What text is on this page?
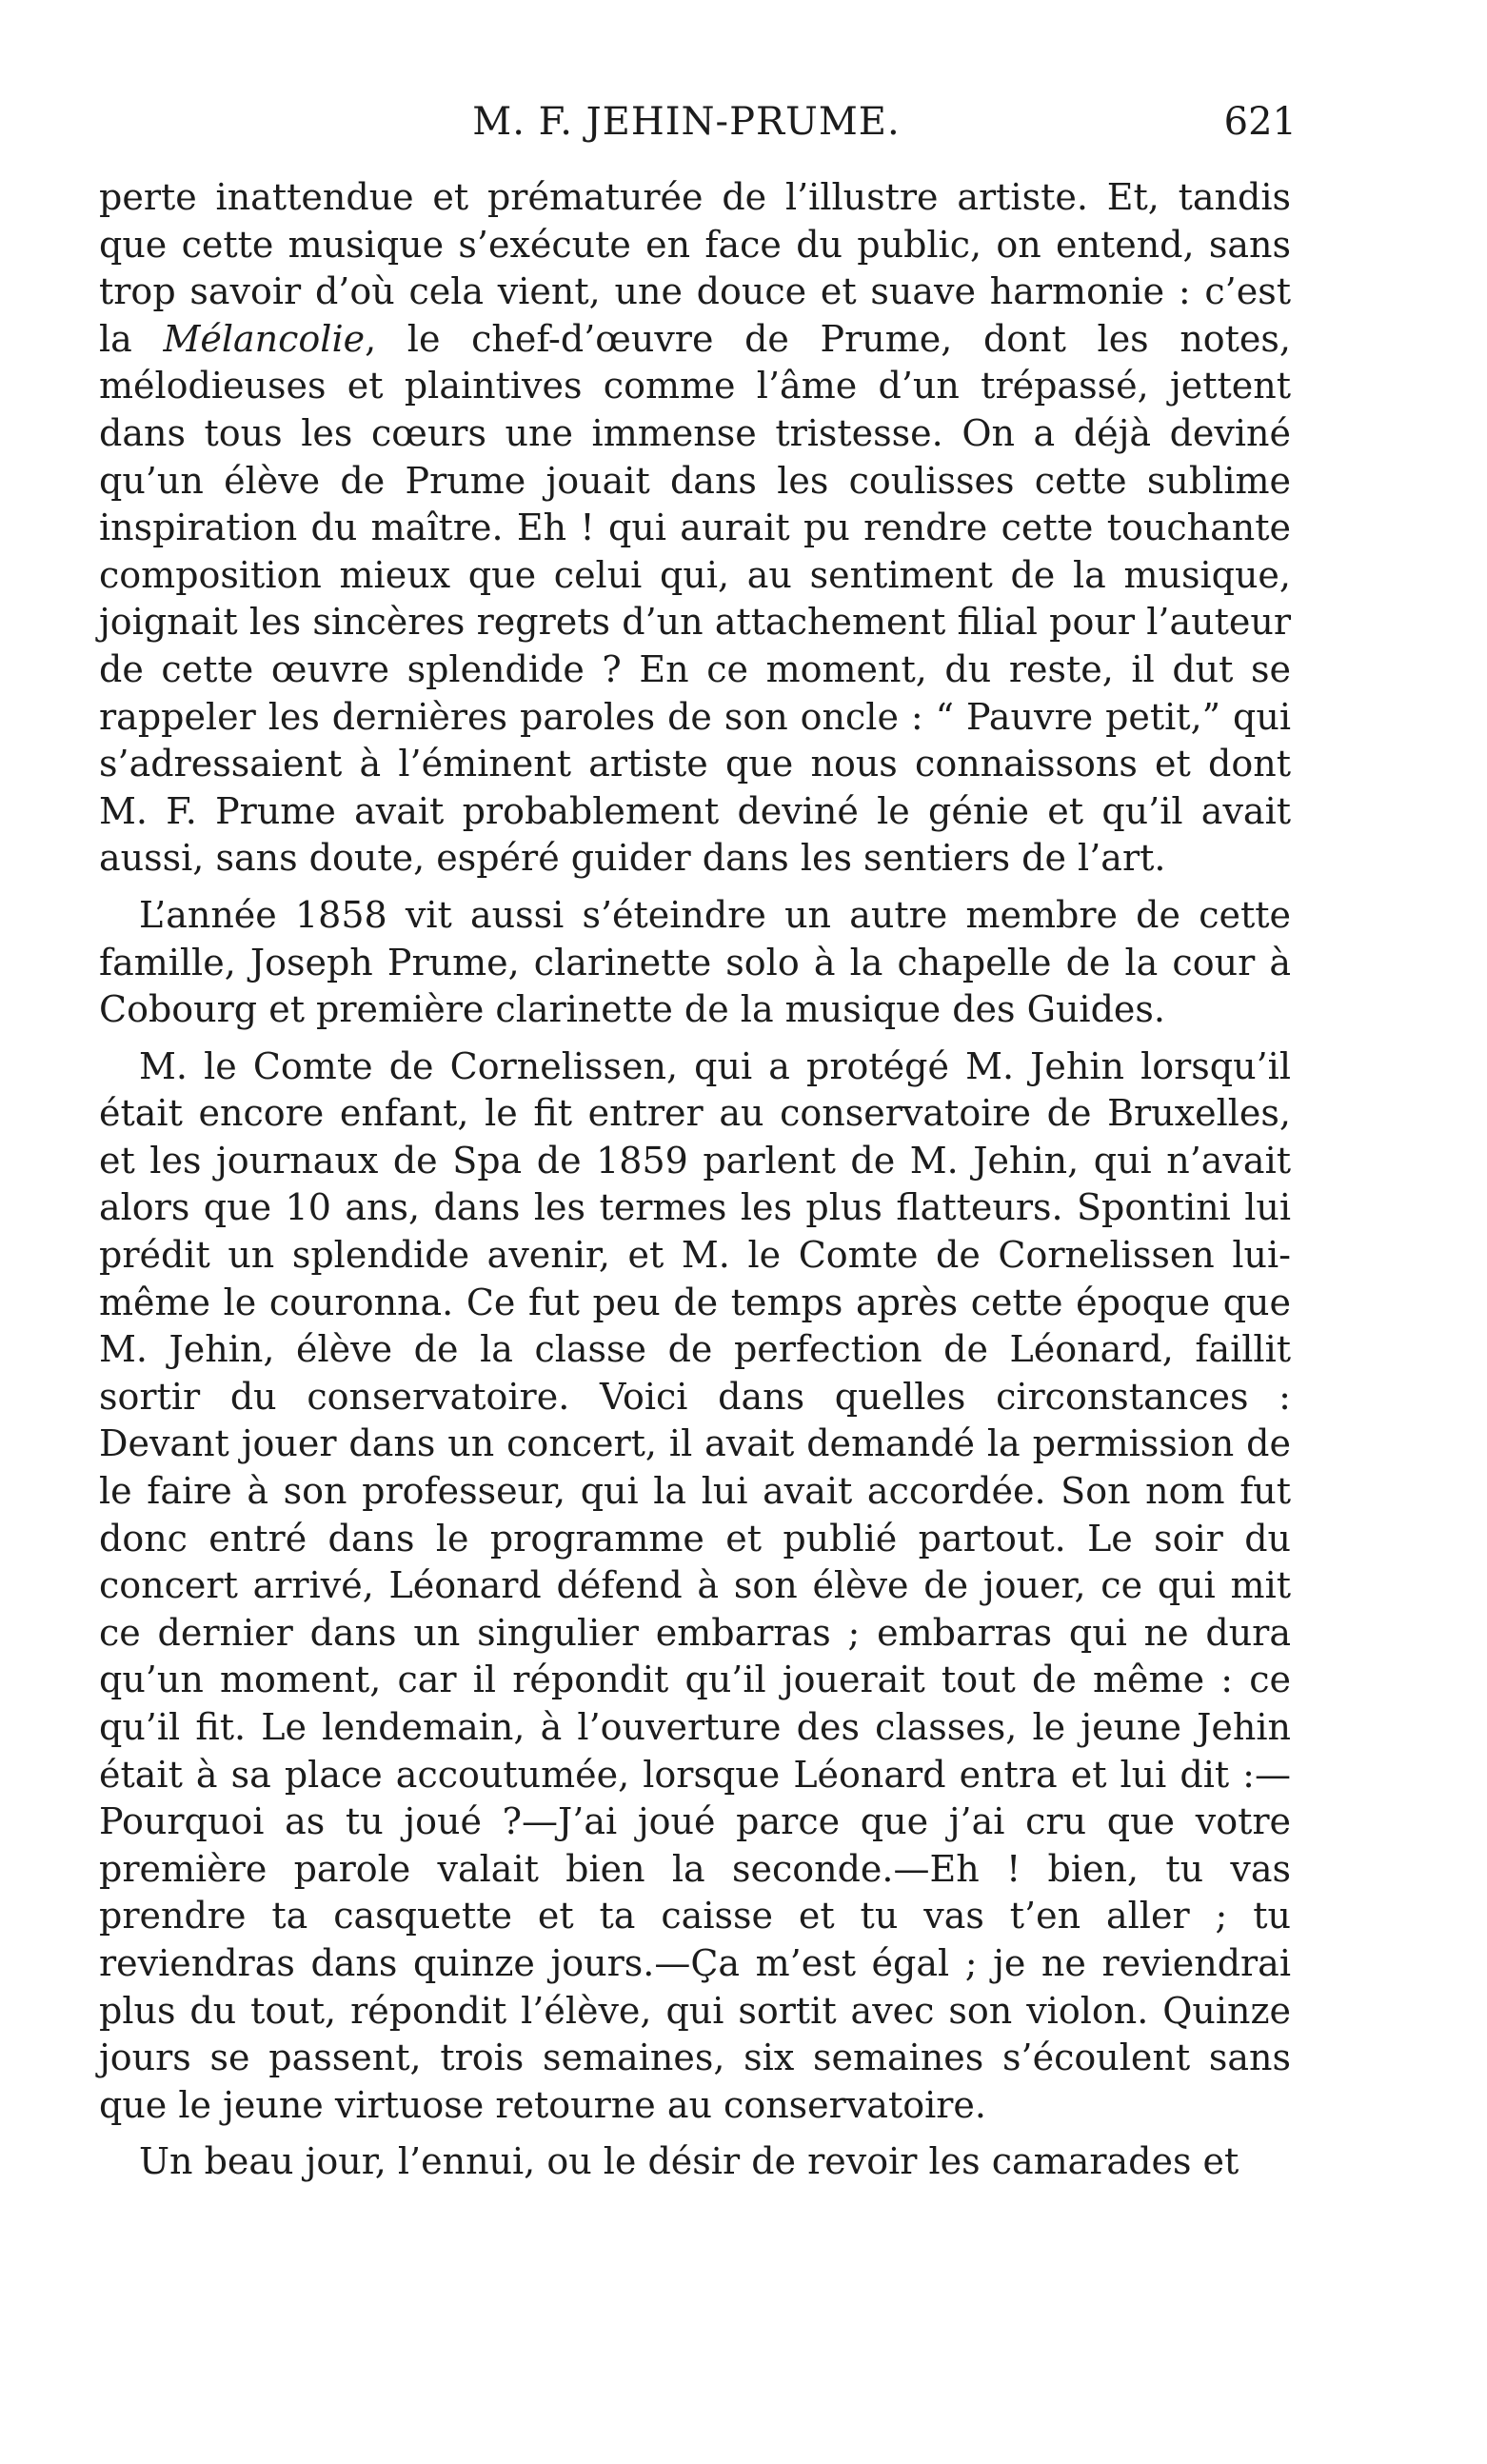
M. F. JEHIN-PRUME.	621

perte inattendue et prématurée de l’illustre artiste. Et, tandis que cette musique s’exécute en face du public, on entend, sans trop savoir d’où cela vient, une douce et suave harmonie : c’est la Mélancolie, le chef-d’œuvre de Prume, dont les notes, mélodieuses et plaintives comme l’âme d’un trépassé, jettent dans tous les cœurs une immense tristesse. On a déjà deviné qu’un élève de Prume jouait dans les coulisses cette sublime inspiration du maître. Eh ! qui aurait pu rendre cette touchante composition mieux que celui qui, au sentiment de la musique, joignait les sincères regrets d’un attachement filial pour l’auteur de cette œuvre splendide ? En ce moment, du reste, il dut se rappeler les dernières paroles de son oncle : “ Pauvre petit,” qui s’adressaient à l’éminent artiste que nous connaissons et dont M. F. Prume avait probablement deviné le génie et qu’il avait aussi, sans doute, espéré guider dans les sentiers de l’art.

L’année 1858 vit aussi s’éteindre un autre membre de cette famille, Joseph Prume, clarinette solo à la chapelle de la cour à Cobourg et première clarinette de la musique des Guides.

M. le Comte de Cornelissen, qui a protégé M. Jehin lorsqu’il était encore enfant, le fit entrer au conservatoire de Bruxelles, et les journaux de Spa de 1859 parlent de M. Jehin, qui n’avait alors que 10 ans, dans les termes les plus flatteurs. Spontini lui prédit un splendide avenir, et M. le Comte de Cornelissen lui-même le couronna. Ce fut peu de temps après cette époque que M. Jehin, élève de la classe de perfection de Léonard, faillit sortir du conservatoire. Voici dans quelles circonstances : Devant jouer dans un concert, il avait demandé la permission de le faire à son professeur, qui la lui avait accordée. Son nom fut donc entré dans le programme et publié partout. Le soir du concert arrivé, Léonard défend à son élève de jouer, ce qui mit ce dernier dans un singulier embarras ; embarras qui ne dura qu’un moment, car il répondit qu’il jouerait tout de même : ce qu’il fit. Le lendemain, à l’ouverture des classes, le jeune Jehin était à sa place accoutumée, lorsque Léonard entra et lui dit :—Pourquoi as tu joué ?—J’ai joué parce que j’ai cru que votre première parole valait bien la seconde.—Eh ! bien, tu vas prendre ta casquette et ta caisse et tu vas t’en aller ; tu reviendras dans quinze jours.—Ça m’est égal ; je ne reviendrai plus du tout, répondit l’élève, qui sortit avec son violon. Quinze jours se passent, trois semaines, six semaines s’écoulent sans que le jeune virtuose retourne au conservatoire.

Un beau jour, l’ennui, ou le désir de revoir les camarades et
